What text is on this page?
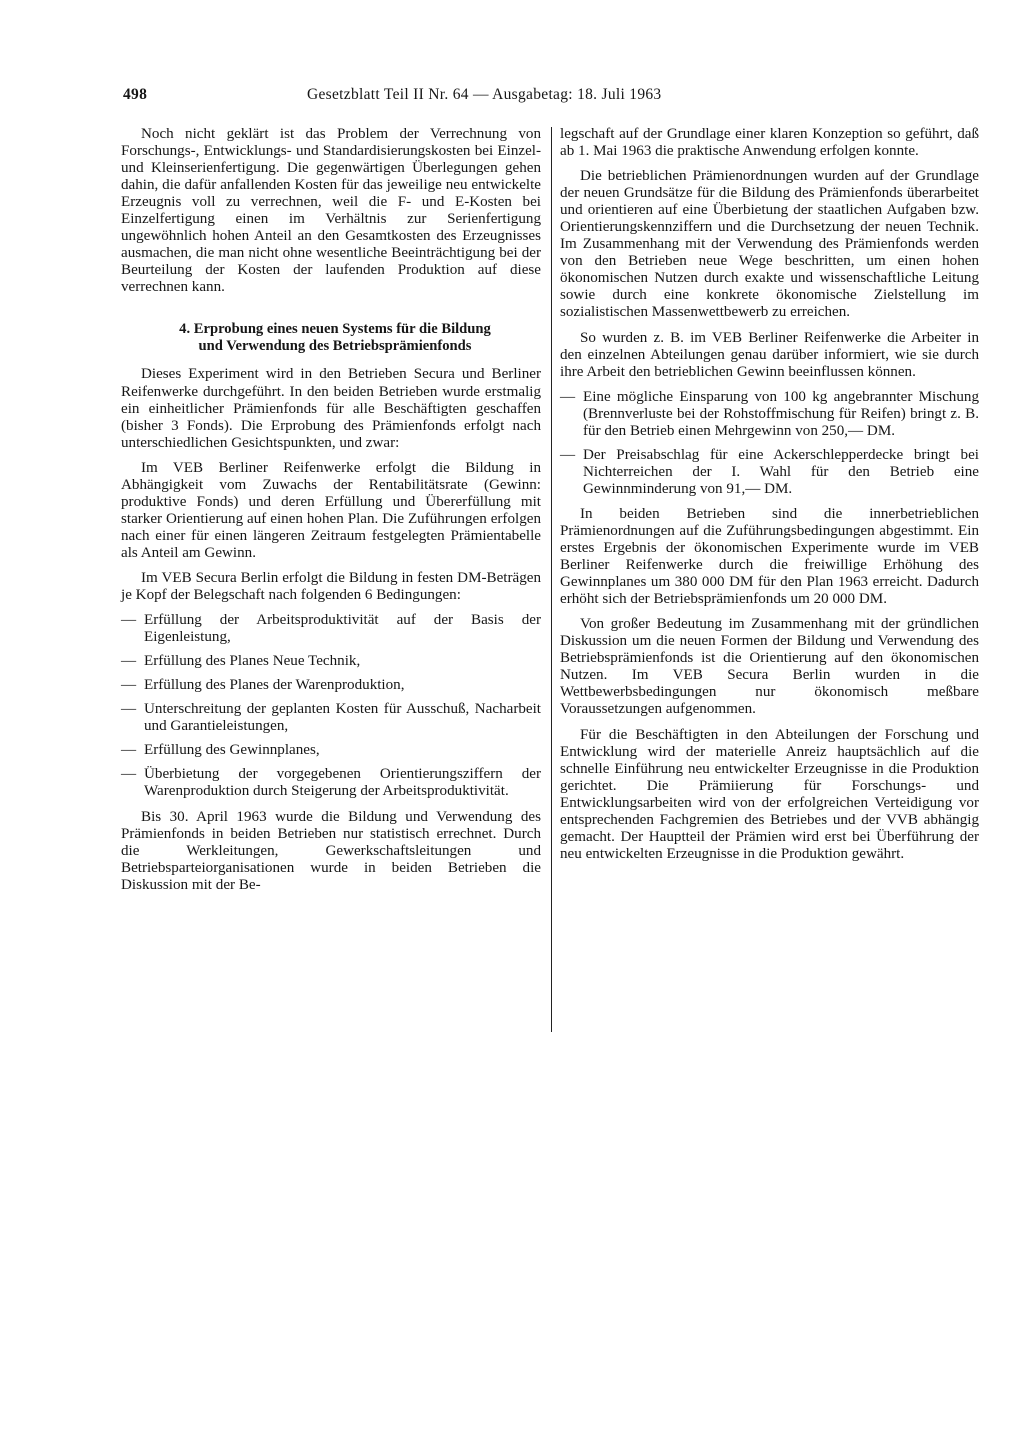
498	Gesetzblatt Teil II Nr. 64 — Ausgabetag: 18. Juli 1963

Noch nicht geklärt ist das Problem der Verrechnung von Forschungs-, Entwicklungs- und Standardisierungskosten bei Einzel- und Kleinserienfertigung. Die gegenwärtigen Überlegungen gehen dahin, die dafür anfallenden Kosten für das jeweilige neu entwickelte Erzeugnis voll zu verrechnen, weil die F- und E-Kosten bei Einzelfertigung einen im Verhältnis zur Serienfertigung ungewöhnlich hohen Anteil an den Gesamtkosten des Erzeugnisses ausmachen, die man nicht ohne wesentliche Beeinträchtigung bei der Beurteilung der Kosten der laufenden Produktion auf diese verrechnen kann.

4. Erprobung eines neuen Systems für die Bildung
und Verwendung des Betriebsprämienfonds

Dieses Experiment wird in den Betrieben Secura und Berliner Reifenwerke durchgeführt. In den beiden Betrieben wurde erstmalig ein einheitlicher Prämienfonds für alle Beschäftigten geschaffen (bisher 3 Fonds). Die Erprobung des Prämienfonds erfolgt nach unterschiedlichen Gesichtspunkten, und zwar:

Im VEB Berliner Reifenwerke erfolgt die Bildung in Abhängigkeit vom Zuwachs der Rentabilitätsrate (Gewinn: produktive Fonds) und deren Erfüllung und Übererfüllung mit starker Orientierung auf einen hohen Plan. Die Zuführungen erfolgen nach einer für einen längeren Zeitraum festgelegten Prämientabelle als Anteil am Gewinn.

Im VEB Secura Berlin erfolgt die Bildung in festen DM-Beträgen je Kopf der Belegschaft nach folgenden 6 Bedingungen:

— Erfüllung der Arbeitsproduktivität auf der Basis der Eigenleistung,
— Erfüllung des Planes Neue Technik,
— Erfüllung des Planes der Warenproduktion,
— Unterschreitung der geplanten Kosten für Ausschuß, Nacharbeit und Garantieleistungen,
— Erfüllung des Gewinnplanes,
— Überbietung der vorgegebenen Orientierungsziffern der Warenproduktion durch Steigerung der Arbeitsproduktivität.

Bis 30. April 1963 wurde die Bildung und Verwendung des Prämienfonds in beiden Betrieben nur statistisch errechnet. Durch die Werkleitungen, Gewerkschaftsleitungen und Betriebsparteiorganisationen wurde in beiden Betrieben die Diskussion mit der Be-

legschaft auf der Grundlage einer klaren Konzeption so geführt, daß ab 1. Mai 1963 die praktische Anwendung erfolgen konnte.

Die betrieblichen Prämienordnungen wurden auf der Grundlage der neuen Grundsätze für die Bildung des Prämienfonds überarbeitet und orientieren auf eine Überbietung der staatlichen Aufgaben bzw. Orientierungskennziffern und die Durchsetzung der neuen Technik. Im Zusammenhang mit der Verwendung des Prämienfonds werden von den Betrieben neue Wege beschritten, um einen hohen ökonomischen Nutzen durch exakte und wissenschaftliche Leitung sowie durch eine konkrete ökonomische Zielstellung im sozialistischen Massenwettbewerb zu erreichen.

So wurden z. B. im VEB Berliner Reifenwerke die Arbeiter in den einzelnen Abteilungen genau darüber informiert, wie sie durch ihre Arbeit den betrieblichen Gewinn beeinflussen können.

— Eine mögliche Einsparung von 100 kg angebrannter Mischung (Brennverluste bei der Rohstoffmischung für Reifen) bringt z. B. für den Betrieb einen Mehrgewinn von 250,— DM.
— Der Preisabschlag für eine Ackerschlepperdecke bringt bei Nichterreichen der I. Wahl für den Betrieb eine Gewinnminderung von 91,— DM.

In beiden Betrieben sind die innerbetrieblichen Prämienordnungen auf die Zuführungsbedingungen abgestimmt. Ein erstes Ergebnis der ökonomischen Experimente wurde im VEB Berliner Reifenwerke durch die freiwillige Erhöhung des Gewinnplanes um 380 000 DM für den Plan 1963 erreicht. Dadurch erhöht sich der Betriebsprämienfonds um 20 000 DM.

Von großer Bedeutung im Zusammenhang mit der gründlichen Diskussion um die neuen Formen der Bildung und Verwendung des Betriebsprämienfonds ist die Orientierung auf den ökonomischen Nutzen. Im VEB Secura Berlin wurden in die Wettbewerbsbedingungen nur ökonomisch meßbare Voraussetzungen aufgenommen.

Für die Beschäftigten in den Abteilungen der Forschung und Entwicklung wird der materielle Anreiz hauptsächlich auf die schnelle Einführung neu entwickelter Erzeugnisse in die Produktion gerichtet. Die Prämiierung für Forschungs- und Entwicklungsarbeiten wird von der erfolgreichen Verteidigung vor entsprechenden Fachgremien des Betriebes und der VVB abhängig gemacht. Der Hauptteil der Prämien wird erst bei Überführung der neu entwickelten Erzeugnisse in die Produktion gewährt.
